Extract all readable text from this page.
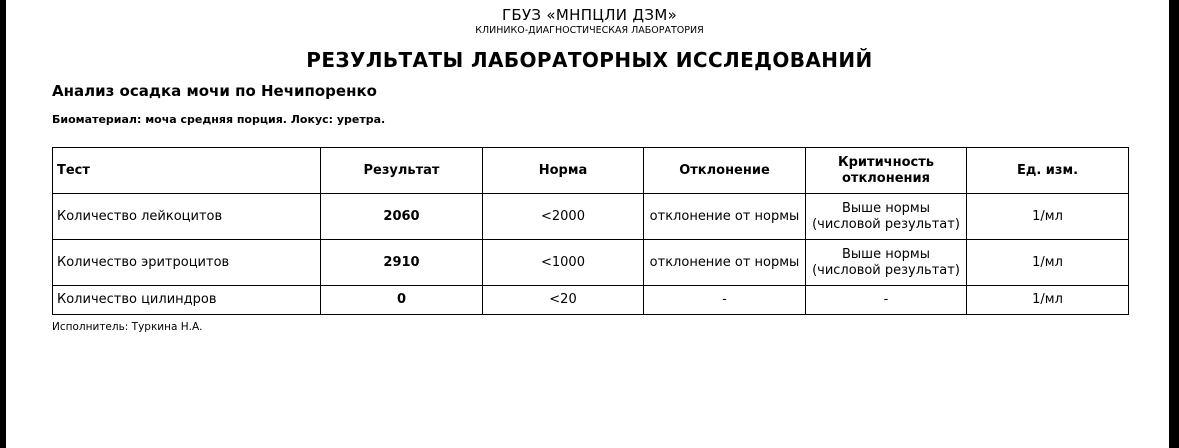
ГБУЗ «МНПЦЛИ ДЗМ»
КЛИНИКО-ДИАГНОСТИЧЕСКАЯ ЛАБОРАТОРИЯ
РЕЗУЛЬТАТЫ ЛАБОРАТОРНЫХ ИССЛЕДОВАНИЙ
Анализ осадка мочи по Нечипоренко
Биоматериал: моча средняя порция. Локус: уретра.
Тест	Результат	Норма	Отклонение	Критичность отклонения	Ед. изм.
Количество лейкоцитов	2060	<2000	отклонение от нормы	Выше нормы (числовой результат)	1/мл
Количество эритроцитов	2910	<1000	отклонение от нормы	Выше нормы (числовой результат)	1/мл
Количество цилиндров	0	<20	-	-	1/мл
Исполнитель: Туркина Н.А.
